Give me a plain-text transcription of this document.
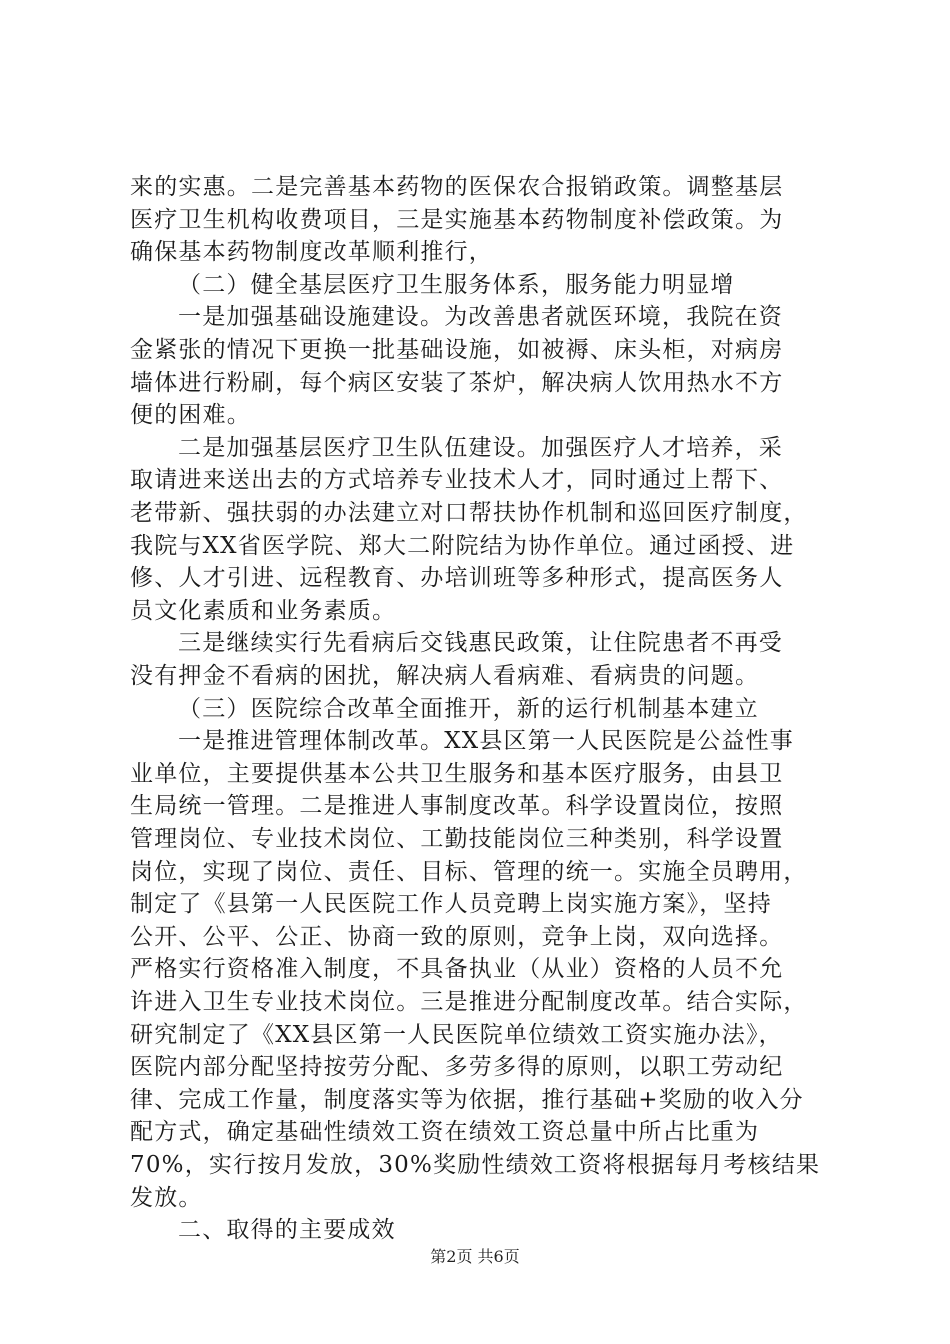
来的实惠。二是完善基本药物的医保农合报销政策。调整基层
医疗卫生机构收费项目，三是实施基本药物制度补偿政策。为
确保基本药物制度改革顺利推行，
（二）健全基层医疗卫生服务体系，服务能力明显增
一是加强基础设施建设。为改善患者就医环境，我院在资
金紧张的情况下更换一批基础设施，如被褥、床头柜，对病房
墙体进行粉刷，每个病区安装了茶炉，解决病人饮用热水不方
便的困难。
二是加强基层医疗卫生队伍建设。加强医疗人才培养，采
取请进来送出去的方式培养专业技术人才，同时通过上帮下、
老带新、强扶弱的办法建立对口帮扶协作机制和巡回医疗制度，
我院与XX省医学院、郑大二附院结为协作单位。通过函授、进
修、人才引进、远程教育、办培训班等多种形式，提高医务人
员文化素质和业务素质。
三是继续实行先看病后交钱惠民政策，让住院患者不再受
没有押金不看病的困扰，解决病人看病难、看病贵的问题。
（三）医院综合改革全面推开，新的运行机制基本建立
一是推进管理体制改革。XX县区第一人民医院是公益性事
业单位，主要提供基本公共卫生服务和基本医疗服务，由县卫
生局统一管理。二是推进人事制度改革。科学设置岗位，按照
管理岗位、专业技术岗位、工勤技能岗位三种类别，科学设置
岗位，实现了岗位、责任、目标、管理的统一。实施全员聘用，
制定了《县第一人民医院工作人员竞聘上岗实施方案》，坚持
公开、公平、公正、协商一致的原则，竞争上岗，双向选择。
严格实行资格准入制度，不具备执业（从业）资格的人员不允
许进入卫生专业技术岗位。三是推进分配制度改革。结合实际，
研究制定了《XX县区第一人民医院单位绩效工资实施办法》，
医院内部分配坚持按劳分配、多劳多得的原则，以职工劳动纪
律、完成工作量，制度落实等为依据，推行基础+奖励的收入分
配方式，确定基础性绩效工资在绩效工资总量中所占比重为
70%，实行按月发放，30%奖励性绩效工资将根据每月考核结果
发放。
二、取得的主要成效
第2页 共6页
